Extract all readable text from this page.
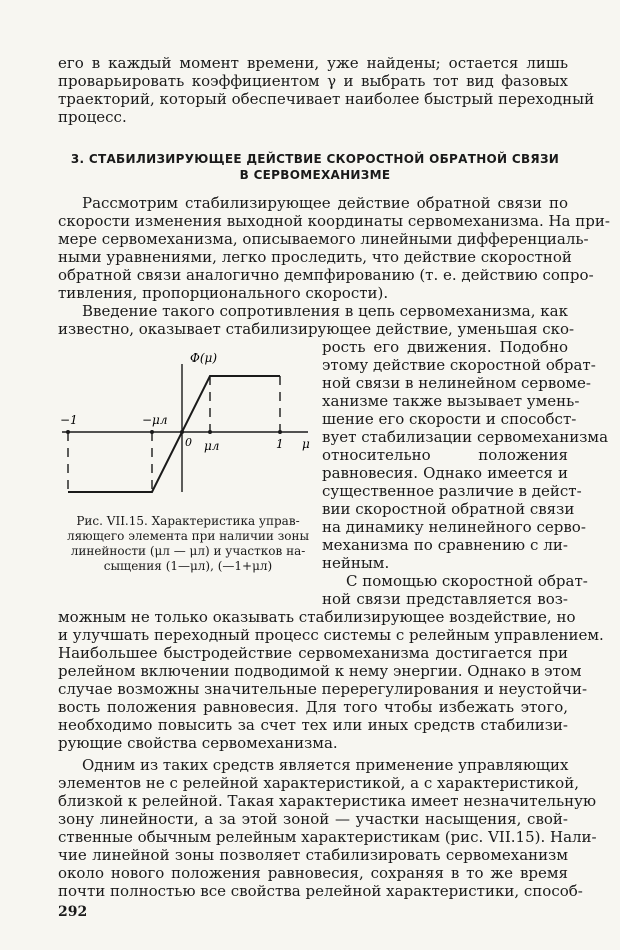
его в каждый момент времени, уже найдены; остается лишь
проварьировать коэффициентом γ и выбрать тот вид фазовых
траекторий, который обеспечивает наиболее быстрый переходный
процесс.
3. СТАБИЛИЗИРУЮЩЕЕ ДЕЙСТВИЕ СКОРОСТНОЙ ОБРАТНОЙ СВЯЗИ
В СЕРВОМЕХАНИЗМЕ
Рассмотрим стабилизирующее действие обратной связи по
скорости изменения выходной координаты сервомеханизма. На при-
мере сервомеханизма, описываемого линейными дифференциаль-
ными уравнениями, легко проследить, что действие скоростной
обратной связи аналогично демпфированию (т. е. действию сопро-
тивления, пропорционального скорости).
Введение такого сопротивления в цепь сервомеханизма, как
известно, оказывает стабилизирующее действие, уменьшая ско-
рость его движения. Подобно
этому действие скоростной обрат-
ной связи в нелинейном сервоме-
ханизме также вызывает умень-
шение его скорости и способст-
вует стабилизации сервомеханизма
относительно положения
равновесия. Однако имеется и
существенное различие в дейст-
вии скоростной обратной связи
на динамику нелинейного серво-
механизма по сравнению с ли-
нейным.
С помощью скоростной обрат-
ной связи представляется воз-
Φ(μ)
μ
−1	−μл
0 μл	1
Рис. VII.15. Характеристика управ-
ляющего элемента при наличии зоны
линейности (μл — μл) и участков на-
сыщения (1—μл), (—1+μл)
можным не только оказывать стабилизирующее воздействие, но
и улучшать переходный процесс системы с релейным управлением.
Наибольшее быстродействие сервомеханизма достигается при
релейном включении подводимой к нему энергии. Однако в этом
случае возможны значительные перерегулирования и неустойчи-
вость положения равновесия. Для того чтобы избежать этого,
необходимо повысить за счет тех или иных средств стабилизи-
рующие свойства сервомеханизма.
Одним из таких средств является применение управляющих
элементов не с релейной характеристикой, а с характеристикой,
близкой к релейной. Такая характеристика имеет незначительную
зону линейности, а за этой зоной — участки насыщения, свой-
ственные обычным релейным характеристикам (рис. VII.15). Нали-
чие линейной зоны позволяет стабилизировать сервомеханизм
около нового положения равновесия, сохраняя в то же время
почти полностью все свойства релейной характеристики, способ-
292
